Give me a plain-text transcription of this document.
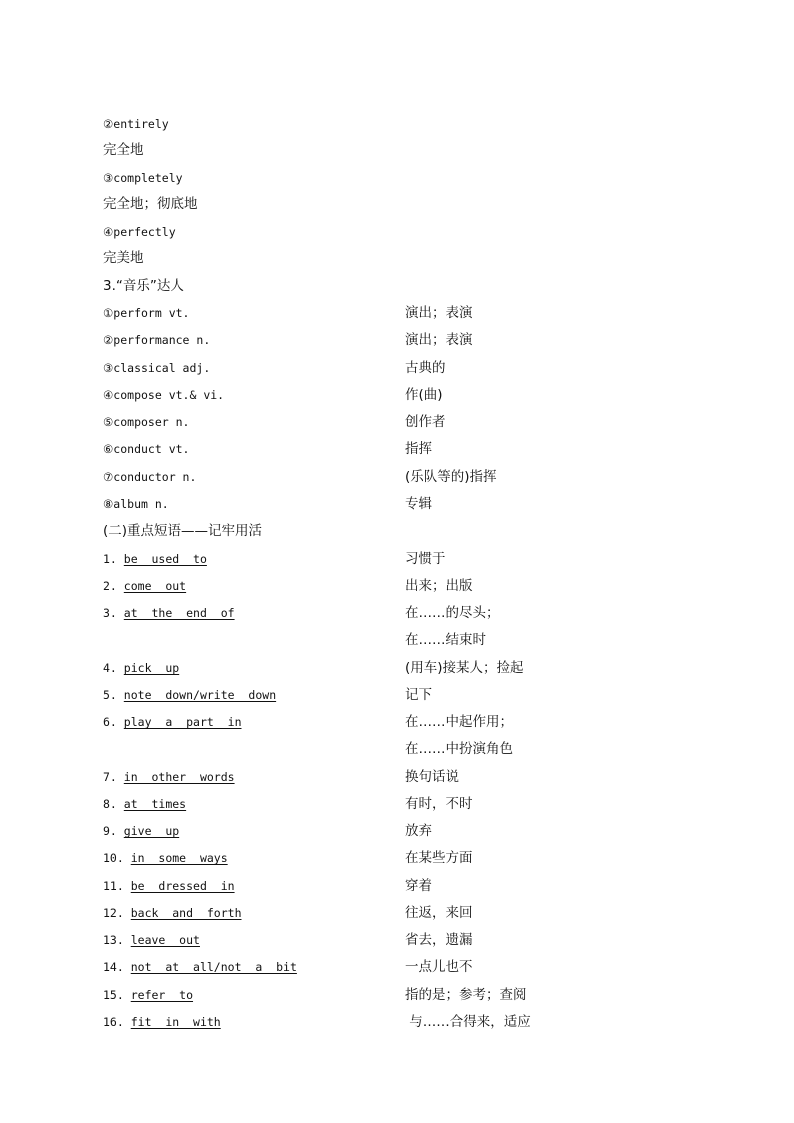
②entirely
完全地
③completely
完全地；彻底地
④perfectly
完美地
3.“音乐”达人
①perform vt.	演出；表演
②performance n.	演出；表演
③classical adj.	古典的
④compose vt.& vi.	作(曲)
⑤composer n.	创作者
⑥conduct vt.	指挥
⑦conductor n.	(乐队等的)指挥
⑧album n.	专辑
(二)重点短语——记牢用活
1. be  used  to	习惯于
2. come  out	出来；出版
3. at  the  end  of	在……的尽头；
在……结束时
4. pick  up	(用车)接某人；捡起
5. note  down/write  down	记下
6. play  a  part  in	在……中起作用；
在……中扮演角色
7. in  other  words	换句话说
8. at  times	有时，不时
9. give  up	放弃
10. in  some  ways	在某些方面
11. be  dressed  in	穿着
12. back  and  forth	往返，来回
13. leave  out	省去，遗漏
14. not  at  all/not  a  bit	一点儿也不
15. refer  to	指的是；参考；查阅
16. fit  in  with	与……合得来，适应
